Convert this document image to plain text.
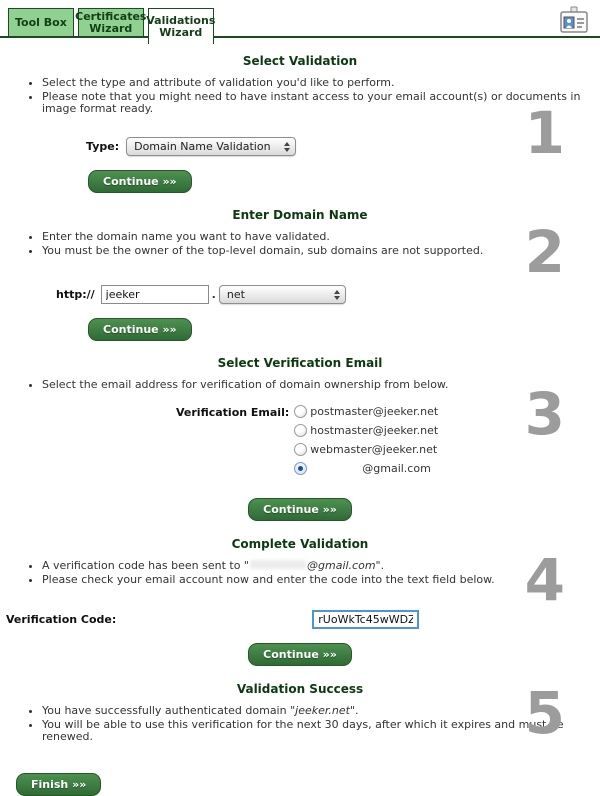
Tool Box Certificates Wizard
Validations Wizard
Select Validation
• Select the type and attribute of validation you'd like to perform.
• Please note that you might need to have instant access to your email account(s) or documents in image format ready.
Type: Domain Name Validation
Continue »»
1
Enter Domain Name
• Enter the domain name you want to have validated.
• You must be the owner of the top-level domain, sub domains are not supported.
http://
jeeker	. net
Continue »»
2
Select Verification Email
• Select the email address for verification of domain ownership from below.
Verification Email: postmaster@jeeker.net
hostmaster@jeeker.net
webmaster@jeeker.net
@gmail.com
Continue »»
3
Complete Validation
• A verification code has been sent to "	@gmail.com".
• Please check your email account now and enter the code into the text field below.
Verification Code:
rUoWkTc45wWDZtEa
Continue »»
4
Validation Success
• You have successfully authenticated domain "jeeker.net".
• You will be able to use this verification for the next 30 days, after which it expires and must be renewed.
Finish »»
5
